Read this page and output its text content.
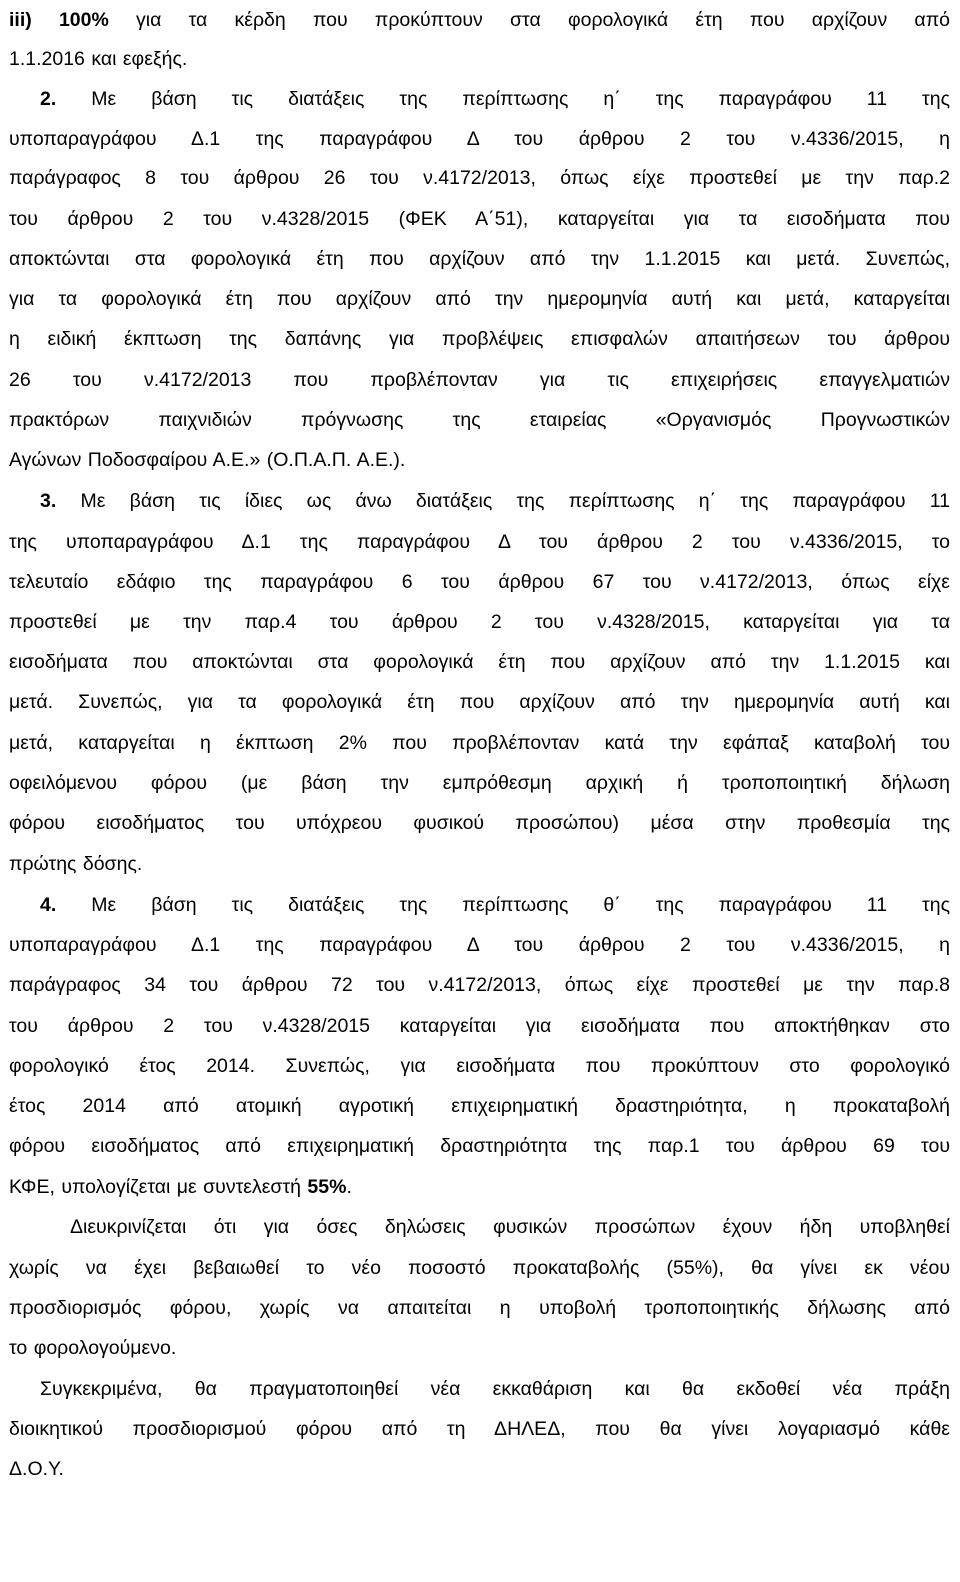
iii) 100% για τα κέρδη που προκύπτουν στα φορολογικά έτη που αρχίζουν από
1.1.2016 και εφεξής.
2. Με βάση τις διατάξεις της περίπτωσης η΄ της παραγράφου 11 της
υποπαραγράφου Δ.1 της παραγράφου Δ του άρθρου 2 του ν.4336/2015, η
παράγραφος 8 του άρθρου 26 του ν.4172/2013, όπως είχε προστεθεί με την παρ.2
του άρθρου 2 του ν.4328/2015 (ΦΕΚ Α΄51), καταργείται για τα εισοδήματα που
αποκτώνται στα φορολογικά έτη που αρχίζουν από την 1.1.2015 και μετά. Συνεπώς,
για τα φορολογικά έτη που αρχίζουν από την ημερομηνία αυτή και μετά, καταργείται
η ειδική έκπτωση της δαπάνης για προβλέψεις επισφαλών απαιτήσεων του άρθρου
26 του ν.4172/2013 που προβλέπονταν για τις επιχειρήσεις επαγγελματιών
πρακτόρων παιχνιδιών πρόγνωσης της εταιρείας «Οργανισμός Προγνωστικών
Αγώνων Ποδοσφαίρου Α.Ε.» (Ο.Π.Α.Π. Α.Ε.).
3. Με βάση τις ίδιες ως άνω διατάξεις της περίπτωσης η΄ της παραγράφου 11
της υποπαραγράφου Δ.1 της παραγράφου Δ του άρθρου 2 του ν.4336/2015, το
τελευταίο εδάφιο της παραγράφου 6 του άρθρου 67 του ν.4172/2013, όπως είχε
προστεθεί με την παρ.4 του άρθρου 2 του ν.4328/2015, καταργείται για τα
εισοδήματα που αποκτώνται στα φορολογικά έτη που αρχίζουν από την 1.1.2015 και
μετά. Συνεπώς, για τα φορολογικά έτη που αρχίζουν από την ημερομηνία αυτή και
μετά, καταργείται η έκπτωση 2% που προβλέπονταν κατά την εφάπαξ καταβολή του
οφειλόμενου φόρου (με βάση την εμπρόθεσμη αρχική ή τροποποιητική δήλωση
φόρου εισοδήματος του υπόχρεου φυσικού προσώπου) μέσα στην προθεσμία της
πρώτης δόσης.
4. Με βάση τις διατάξεις της περίπτωσης θ΄ της παραγράφου 11 της
υποπαραγράφου Δ.1 της παραγράφου Δ του άρθρου 2 του ν.4336/2015, η
παράγραφος 34 του άρθρου 72 του ν.4172/2013, όπως είχε προστεθεί με την παρ.8
του άρθρου 2 του ν.4328/2015 καταργείται για εισοδήματα που αποκτήθηκαν στο
φορολογικό έτος 2014. Συνεπώς, για εισοδήματα που προκύπτουν στο φορολογικό
έτος 2014 από ατομική αγροτική επιχειρηματική δραστηριότητα, η προκαταβολή
φόρου εισοδήματος από επιχειρηματική δραστηριότητα της παρ.1 του άρθρου 69 του
ΚΦΕ, υπολογίζεται με συντελεστή 55%.
Διευκρινίζεται ότι για όσες δηλώσεις φυσικών προσώπων έχουν ήδη υποβληθεί
χωρίς να έχει βεβαιωθεί το νέο ποσοστό προκαταβολής (55%), θα γίνει εκ νέου
προσδιορισμός φόρου, χωρίς να απαιτείται η υποβολή τροποποιητικής δήλωσης από
το φορολογούμενο.
Συγκεκριμένα, θα πραγματοποιηθεί νέα εκκαθάριση και θα εκδοθεί νέα πράξη
διοικητικού προσδιορισμού φόρου από τη ΔΗΛΕΔ, που θα γίνει λογαριασμό κάθε
Δ.Ο.Υ.
